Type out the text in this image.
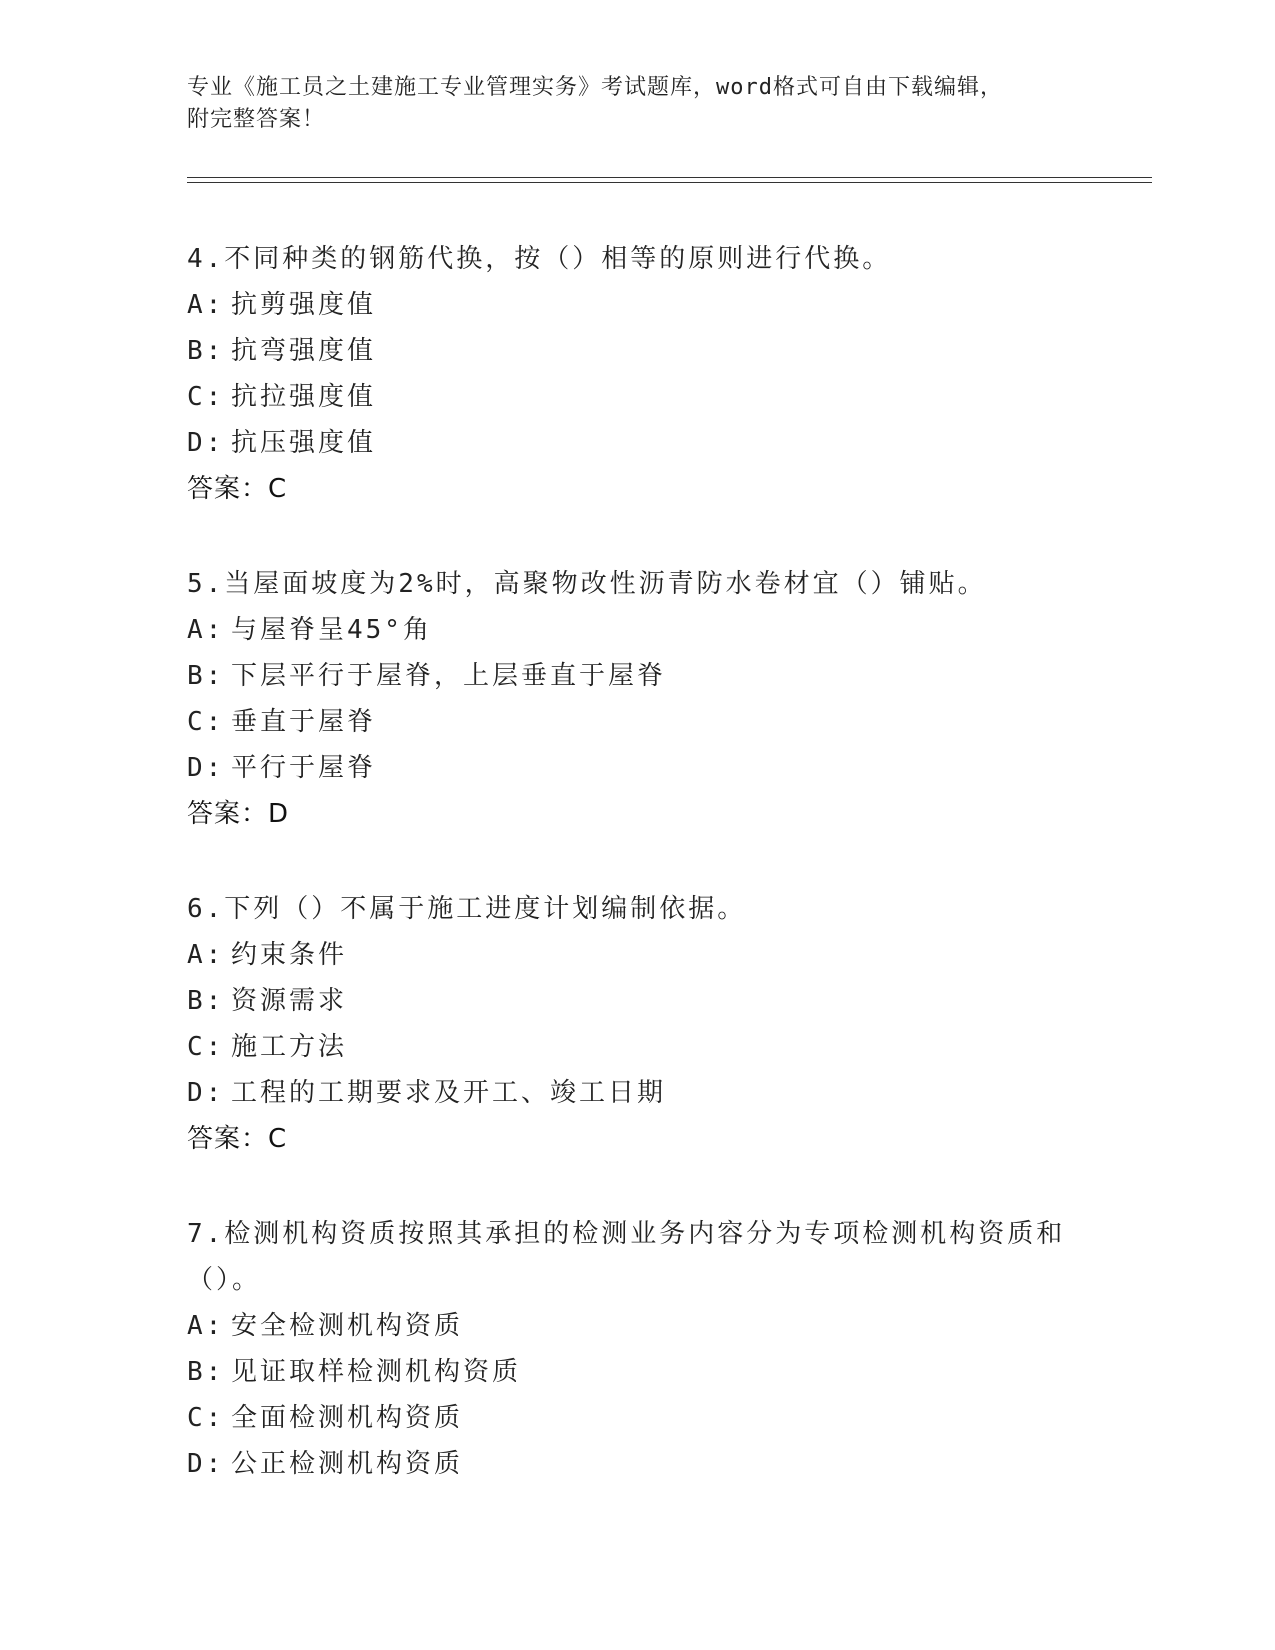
专业《施工员之土建施工专业管理实务》考试题库，word格式可自由下载编辑，
附完整答案！
4.不同种类的钢筋代换，按（）相等的原则进行代换。
A: 抗剪强度值
B: 抗弯强度值
C: 抗拉强度值
D: 抗压强度值
答案：C
5.当屋面坡度为2%时，高聚物改性沥青防水卷材宜（）铺贴。
A: 与屋脊呈45°角
B: 下层平行于屋脊，上层垂直于屋脊
C: 垂直于屋脊
D: 平行于屋脊
答案：D
6.下列（）不属于施工进度计划编制依据。
A: 约束条件
B: 资源需求
C: 施工方法
D: 工程的工期要求及开工、竣工日期
答案：C
7.检测机构资质按照其承担的检测业务内容分为专项检测机构资质和
（）。
A: 安全检测机构资质
B: 见证取样检测机构资质
C: 全面检测机构资质
D: 公正检测机构资质
